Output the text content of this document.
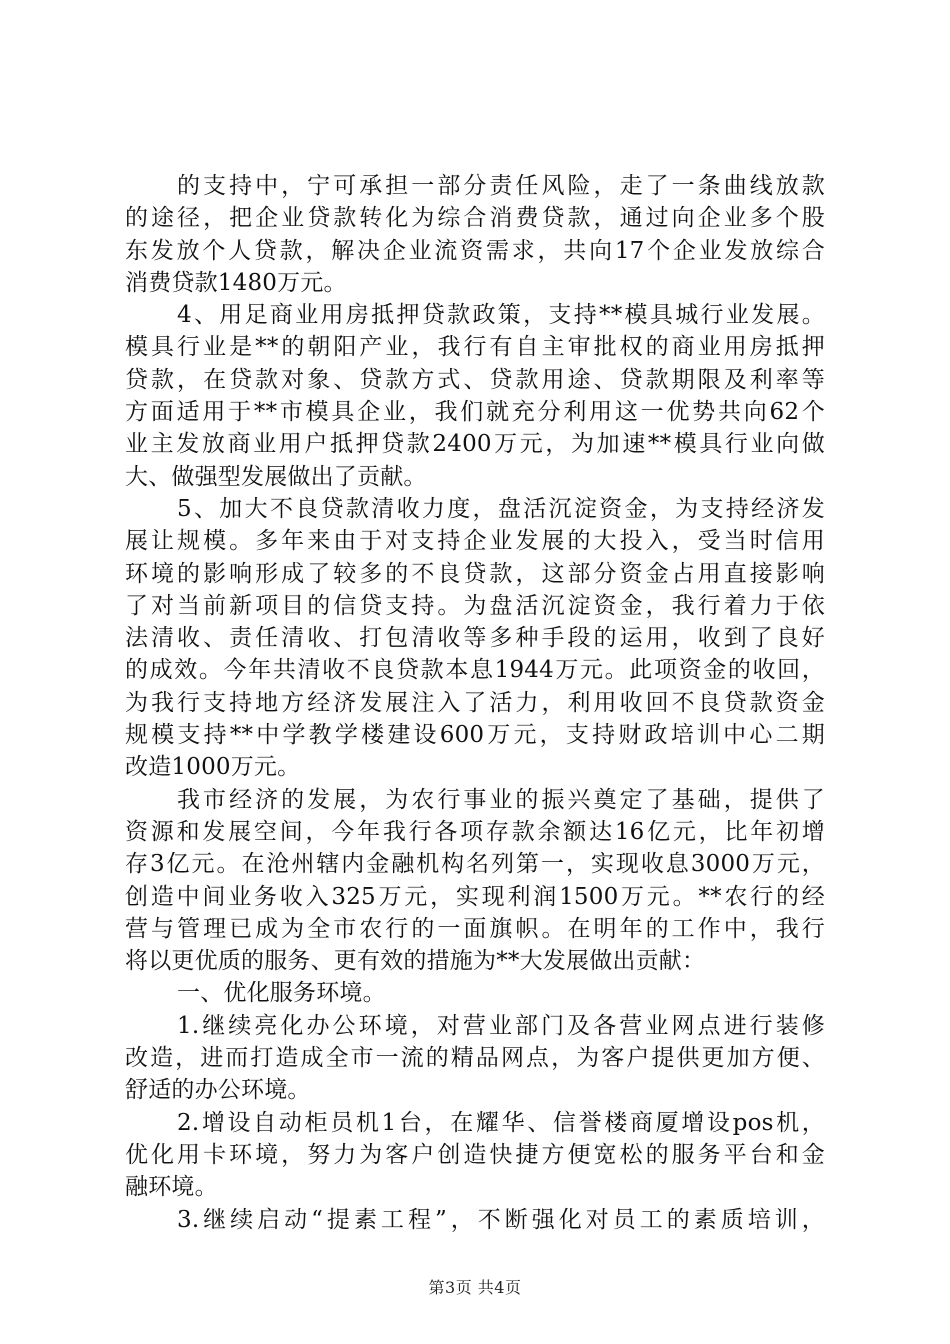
的支持中，宁可承担一部分责任风险，走了一条曲线放款
的途径，把企业贷款转化为综合消费贷款，通过向企业多个股
东发放个人贷款，解决企业流资需求，共向17个企业发放综合
消费贷款1480万元。
4、用足商业用房抵押贷款政策，支持**模具城行业发展。
模具行业是**的朝阳产业，我行有自主审批权的商业用房抵押
贷款，在贷款对象、贷款方式、贷款用途、贷款期限及利率等
方面适用于**市模具企业，我们就充分利用这一优势共向62个
业主发放商业用户抵押贷款2400万元，为加速**模具行业向做
大、做强型发展做出了贡献。
5、加大不良贷款清收力度，盘活沉淀资金，为支持经济发
展让规模。多年来由于对支持企业发展的大投入，受当时信用
环境的影响形成了较多的不良贷款，这部分资金占用直接影响
了对当前新项目的信贷支持。为盘活沉淀资金，我行着力于依
法清收、责任清收、打包清收等多种手段的运用，收到了良好
的成效。今年共清收不良贷款本息1944万元。此项资金的收回，
为我行支持地方经济发展注入了活力，利用收回不良贷款资金
规模支持**中学教学楼建设600万元，支持财政培训中心二期
改造1000万元。
我市经济的发展，为农行事业的振兴奠定了基础，提供了
资源和发展空间，今年我行各项存款余额达16亿元，比年初增
存3亿元。在沧州辖内金融机构名列第一，实现收息3000万元，
创造中间业务收入325万元，实现利润1500万元。**农行的经
营与管理已成为全市农行的一面旗帜。在明年的工作中，我行
将以更优质的服务、更有效的措施为**大发展做出贡献：
一、优化服务环境。
1.继续亮化办公环境，对营业部门及各营业网点进行装修
改造，进而打造成全市一流的精品网点，为客户提供更加方便、
舒适的办公环境。
2.增设自动柜员机1台，在耀华、信誉楼商厦增设pos机，
优化用卡环境，努力为客户创造快捷方便宽松的服务平台和金
融环境。
3.继续启动“提素工程”，不断强化对员工的素质培训，
第3页 共4页
